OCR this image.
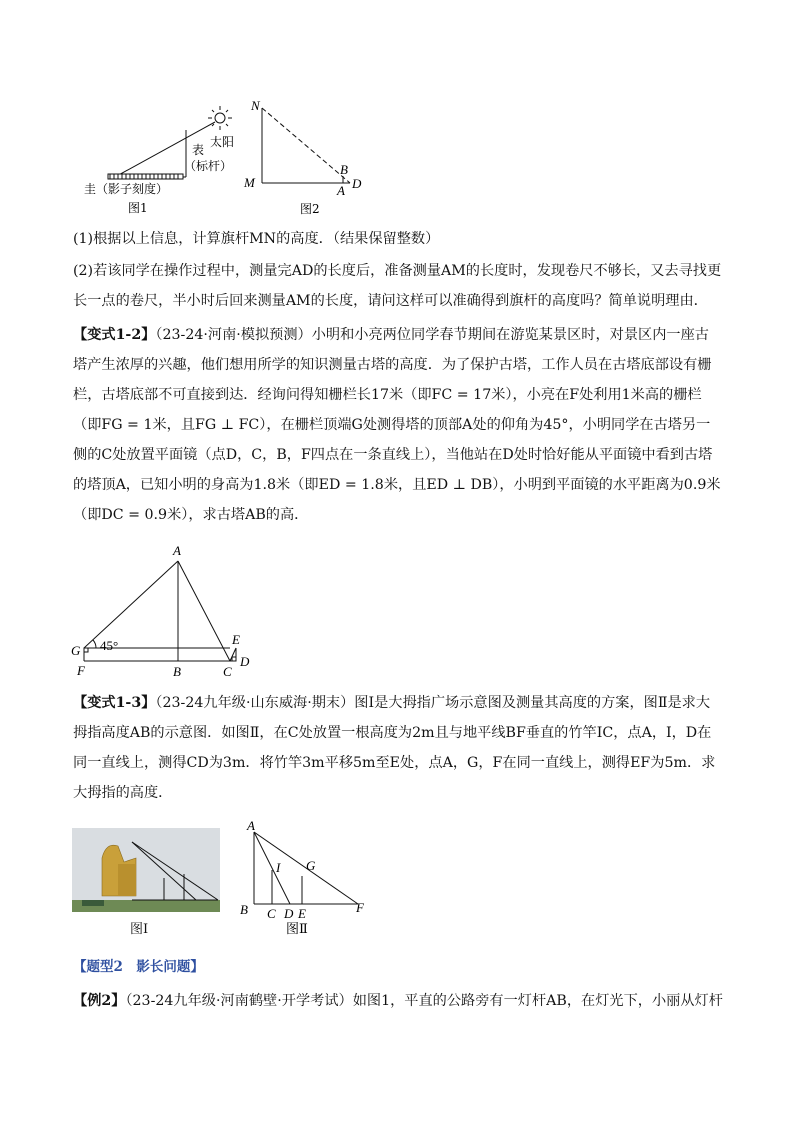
太阳
表
（标杆）
圭（影子刻度）
图1
N
M
B
A D
图2

(1)根据以上信息，计算旗杆MN的高度．（结果保留整数）

(2)若该同学在操作过程中，测量完AD的长度后，准备测量AM的长度时，发现卷尺不够长，又去寻找更长一点的卷尺，半小时后回来测量AM的长度，请问这样可以准确得到旗杆的高度吗？简单说明理由．

【变式1-2】（23-24·河南·模拟预测）小明和小亮两位同学春节期间在游览某景区时，对景区内一座古塔产生浓厚的兴趣，他们想用所学的知识测量古塔的高度．为了保护古塔，工作人员在古塔底部设有栅栏，古塔底部不可直接到达．经询问得知栅栏长17米（即FC = 17米），小亮在F处利用1米高的栅栏（即FG = 1米，且FG ⊥ FC），在栅栏顶端G处测得塔的顶部A处的仰角为45°，小明同学在古塔另一侧的C处放置平面镜（点D，C，B，F四点在一条直线上），当他站在D处时恰好能从平面镜中看到古塔的塔顶A，已知小明的身高为1.8米（即ED = 1.8米，且ED ⊥ DB），小明到平面镜的水平距离为0.9米（即DC = 0.9米），求古塔AB的高．

A
G
F	B	C
E
D
45°

【变式1-3】（23-24九年级·山东威海·期末）图Ⅰ是大拇指广场示意图及测量其高度的方案，图Ⅱ是求大拇指高度AB的示意图．如图Ⅱ，在C处放置一根高度为2m且与地平线BF垂直的竹竿IC，点A，I，D在同一直线上，测得CD为3m．将竹竿3m平移5m至E处，点A，G，F在同一直线上，测得EF为5m．求大拇指的高度．

图Ⅰ
A
I G
B C D E	F
图Ⅱ

【题型2　影长问题】

【例2】（23-24九年级·河南鹤壁·开学考试）如图1，平直的公路旁有一灯杆AB，在灯光下，小丽从灯杆
